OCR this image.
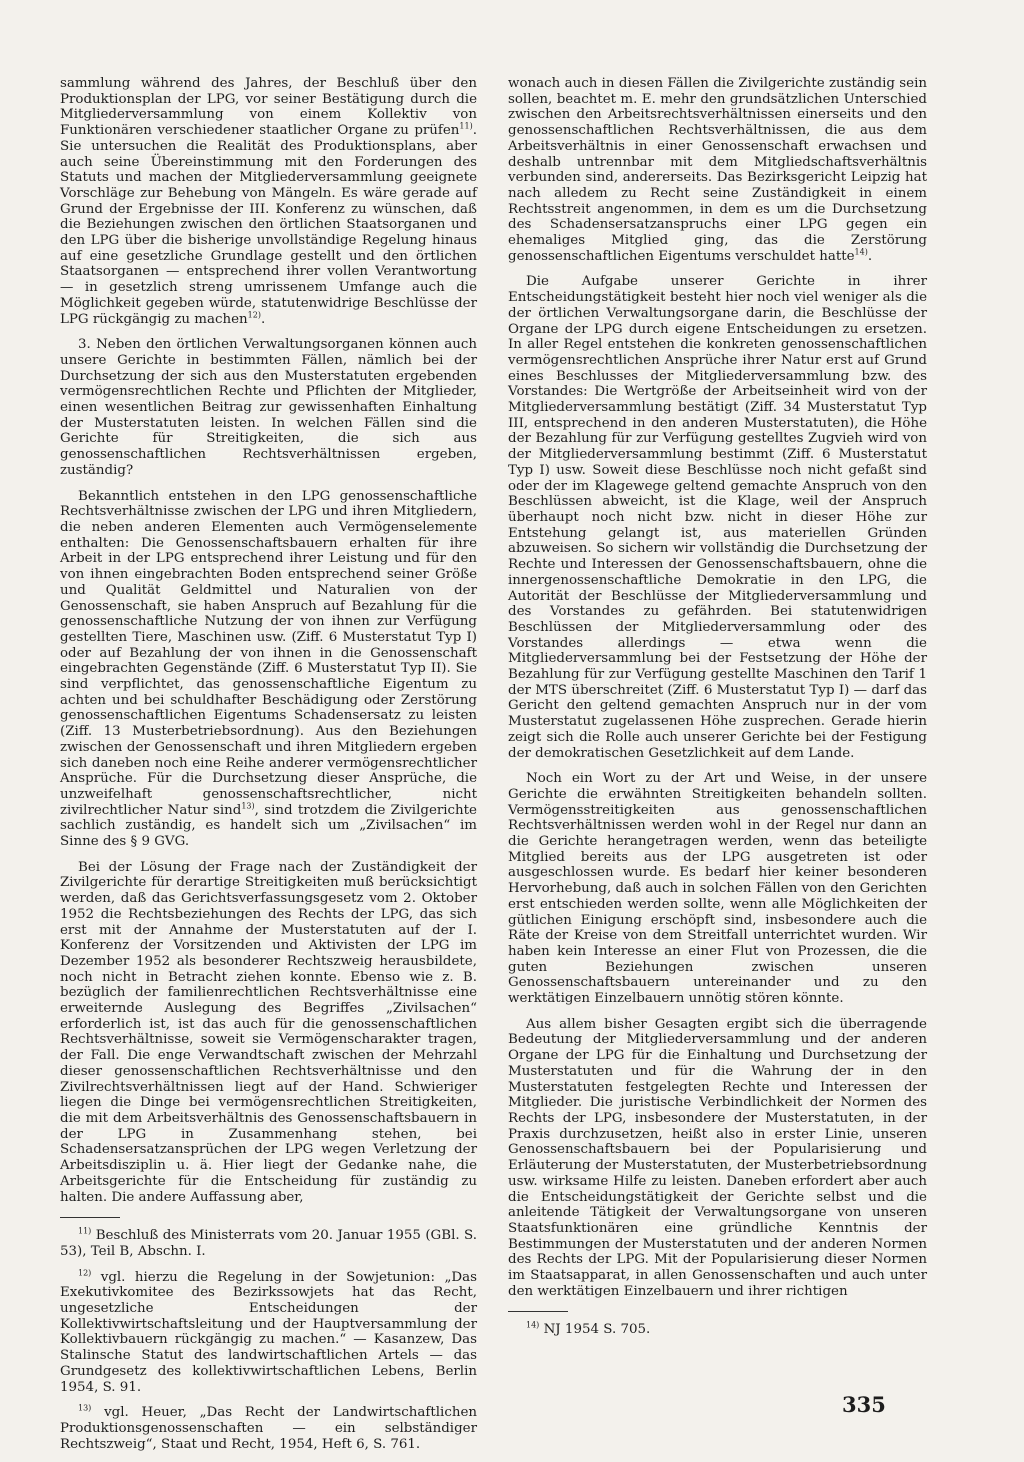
sammlung während des Jahres, der Beschluß über den Produktionsplan der LPG, vor seiner Bestätigung durch die Mitgliederversammlung von einem Kollektiv von Funktionären verschiedener staatlicher Organe zu prüfen$^{11)}$. Sie untersuchen die Realität des Produktionsplans, aber auch seine Übereinstimmung mit den Forderungen des Statuts und machen der Mitgliederversammlung geeignete Vorschläge zur Behebung von Mängeln. Es wäre gerade auf Grund der Ergebnisse der III. Konferenz zu wünschen, daß die Beziehungen zwischen den örtlichen Staatsorganen und den LPG über die bisherige unvollständige Regelung hinaus auf eine gesetzliche Grundlage gestellt und den örtlichen Staatsorganen — entsprechend ihrer vollen Verantwortung — in gesetzlich streng umrissenem Umfange auch die Möglichkeit gegeben würde, statutenwidrige Beschlüsse der LPG rückgängig zu machen$^{12)}$.

3. Neben den örtlichen Verwaltungsorganen können auch unsere Gerichte in bestimmten Fällen, nämlich bei der Durchsetzung der sich aus den Musterstatuten ergebenden vermögensrechtlichen Rechte und Pflichten der Mitglieder, einen wesentlichen Beitrag zur gewissenhaften Einhaltung der Musterstatuten leisten. In welchen Fällen sind die Gerichte für Streitigkeiten, die sich aus genossenschaftlichen Rechtsverhältnissen ergeben, zuständig?

Bekanntlich entstehen in den LPG genossenschaftliche Rechtsverhältnisse zwischen der LPG und ihren Mitgliedern, die neben anderen Elementen auch Vermögenselemente enthalten: Die Genossenschaftsbauern erhalten für ihre Arbeit in der LPG entsprechend ihrer Leistung und für den von ihnen eingebrachten Boden entsprechend seiner Größe und Qualität Geldmittel und Naturalien von der Genossenschaft, sie haben Anspruch auf Bezahlung für die genossenschaftliche Nutzung der von ihnen zur Verfügung gestellten Tiere, Maschinen usw. (Ziff. 6 Musterstatut Typ I) oder auf Bezahlung der von ihnen in die Genossenschaft eingebrachten Gegenstände (Ziff. 6 Musterstatut Typ II). Sie sind verpflichtet, das genossenschaftliche Eigentum zu achten und bei schuldhafter Beschädigung oder Zerstörung genossenschaftlichen Eigentums Schadensersatz zu leisten (Ziff. 13 Musterbetriebsordnung). Aus den Beziehungen zwischen der Genossenschaft und ihren Mitgliedern ergeben sich daneben noch eine Reihe anderer vermögensrechtlicher Ansprüche. Für die Durchsetzung dieser Ansprüche, die unzweifelhaft genossenschaftsrechtlicher, nicht zivilrechtlicher Natur sind$^{13)}$, sind trotzdem die Zivilgerichte sachlich zuständig, es handelt sich um „Zivilsachen“ im Sinne des § 9 GVG.

Bei der Lösung der Frage nach der Zuständigkeit der Zivilgerichte für derartige Streitigkeiten muß berücksichtigt werden, daß das Gerichtsverfassungsgesetz vom 2. Oktober 1952 die Rechtsbeziehungen des Rechts der LPG, das sich erst mit der Annahme der Musterstatuten auf der I. Konferenz der Vorsitzenden und Aktivisten der LPG im Dezember 1952 als besonderer Rechtszweig herausbildete, noch nicht in Betracht ziehen konnte. Ebenso wie z. B. bezüglich der familienrechtlichen Rechtsverhältnisse eine erweiternde Auslegung des Begriffes „Zivilsachen“ erforderlich ist, ist das auch für die genossenschaftlichen Rechtsverhältnisse, soweit sie Vermögenscharakter tragen, der Fall. Die enge Verwandtschaft zwischen der Mehrzahl dieser genossenschaftlichen Rechtsverhältnisse und den Zivilrechtsverhältnissen liegt auf der Hand. Schwieriger liegen die Dinge bei vermögensrechtlichen Streitigkeiten, die mit dem Arbeitsverhältnis des Genossenschaftsbauern in der LPG in Zusammenhang stehen, bei Schadensersatzansprüchen der LPG wegen Verletzung der Arbeitsdisziplin u. ä. Hier liegt der Gedanke nahe, die Arbeitsgerichte für die Entscheidung für zuständig zu halten. Die andere Auffassung aber,

$^{11)}$ Beschluß des Ministerrats vom 20. Januar 1955 (GBl. S. 53), Teil B, Abschn. I.

$^{12)}$ vgl. hierzu die Regelung in der Sowjetunion: „Das Exekutivkomitee des Bezirkssowjets hat das Recht, ungesetzliche Entscheidungen der Kollektivwirtschaftsleitung und der Hauptversammlung der Kollektivbauern rückgängig zu machen.“ — Kasanzew, Das Stalinsche Statut des landwirtschaftlichen Artels — das Grundgesetz des kollektivwirtschaftlichen Lebens, Berlin 1954, S. 91.

$^{13)}$ vgl. Heuer, „Das Recht der Landwirtschaftlichen Produktionsgenossenschaften — ein selbständiger Rechtszweig“, Staat und Recht, 1954, Heft 6, S. 761.

wonach auch in diesen Fällen die Zivilgerichte zuständig sein sollen, beachtet m. E. mehr den grundsätzlichen Unterschied zwischen den Arbeitsrechtsverhältnissen einerseits und den genossenschaftlichen Rechtsverhältnissen, die aus dem Arbeitsverhältnis in einer Genossenschaft erwachsen und deshalb untrennbar mit dem Mitgliedschaftsverhältnis verbunden sind, andererseits. Das Bezirksgericht Leipzig hat nach alledem zu Recht seine Zuständigkeit in einem Rechtsstreit angenommen, in dem es um die Durchsetzung des Schadensersatzanspruchs einer LPG gegen ein ehemaliges Mitglied ging, das die Zerstörung genossenschaftlichen Eigentums verschuldet hatte$^{14)}$.

Die Aufgabe unserer Gerichte in ihrer Entscheidungstätigkeit besteht hier noch viel weniger als die der örtlichen Verwaltungsorgane darin, die Beschlüsse der Organe der LPG durch eigene Entscheidungen zu ersetzen. In aller Regel entstehen die konkreten genossenschaftlichen vermögensrechtlichen Ansprüche ihrer Natur erst auf Grund eines Beschlusses der Mitgliederversammlung bzw. des Vorstandes: Die Wertgröße der Arbeitseinheit wird von der Mitgliederversammlung bestätigt (Ziff. 34 Musterstatut Typ III, entsprechend in den anderen Musterstatuten), die Höhe der Bezahlung für zur Verfügung gestelltes Zugvieh wird von der Mitgliederversammlung bestimmt (Ziff. 6 Musterstatut Typ I) usw. Soweit diese Beschlüsse noch nicht gefaßt sind oder der im Klagewege geltend gemachte Anspruch von den Beschlüssen abweicht, ist die Klage, weil der Anspruch überhaupt noch nicht bzw. nicht in dieser Höhe zur Entstehung gelangt ist, aus materiellen Gründen abzuweisen. So sichern wir vollständig die Durchsetzung der Rechte und Interessen der Genossenschaftsbauern, ohne die innergenossenschaftliche Demokratie in den LPG, die Autorität der Beschlüsse der Mitgliederversammlung und des Vorstandes zu gefährden. Bei statutenwidrigen Beschlüssen der Mitgliederversammlung oder des Vorstandes allerdings — etwa wenn die Mitgliederversammlung bei der Festsetzung der Höhe der Bezahlung für zur Verfügung gestellte Maschinen den Tarif 1 der MTS überschreitet (Ziff. 6 Musterstatut Typ I) — darf das Gericht den geltend gemachten Anspruch nur in der vom Musterstatut zugelassenen Höhe zusprechen. Gerade hierin zeigt sich die Rolle auch unserer Gerichte bei der Festigung der demokratischen Gesetzlichkeit auf dem Lande.

Noch ein Wort zu der Art und Weise, in der unsere Gerichte die erwähnten Streitigkeiten behandeln sollten. Vermögensstreitigkeiten aus genossenschaftlichen Rechtsverhältnissen werden wohl in der Regel nur dann an die Gerichte herangetragen werden, wenn das beteiligte Mitglied bereits aus der LPG ausgetreten ist oder ausgeschlossen wurde. Es bedarf hier keiner besonderen Hervorhebung, daß auch in solchen Fällen von den Gerichten erst entschieden werden sollte, wenn alle Möglichkeiten der gütlichen Einigung erschöpft sind, insbesondere auch die Räte der Kreise von dem Streitfall unterrichtet wurden. Wir haben kein Interesse an einer Flut von Prozessen, die die guten Beziehungen zwischen unseren Genossenschaftsbauern untereinander und zu den werktätigen Einzelbauern unnötig stören könnte.

Aus allem bisher Gesagten ergibt sich die überragende Bedeutung der Mitgliederversammlung und der anderen Organe der LPG für die Einhaltung und Durchsetzung der Musterstatuten und für die Wahrung der in den Musterstatuten festgelegten Rechte und Interessen der Mitglieder. Die juristische Verbindlichkeit der Normen des Rechts der LPG, insbesondere der Musterstatuten, in der Praxis durchzusetzen, heißt also in erster Linie, unseren Genossenschaftsbauern bei der Popularisierung und Erläuterung der Musterstatuten, der Musterbetriebsordnung usw. wirksame Hilfe zu leisten. Daneben erfordert aber auch die Entscheidungstätigkeit der Gerichte selbst und die anleitende Tätigkeit der Verwaltungsorgane von unseren Staatsfunktionären eine gründliche Kenntnis der Bestimmungen der Musterstatuten und der anderen Normen des Rechts der LPG. Mit der Popularisierung dieser Normen im Staatsapparat, in allen Genossenschaften und auch unter den werktätigen Einzelbauern und ihrer richtigen

$^{14)}$ NJ 1954 S. 705.

335
